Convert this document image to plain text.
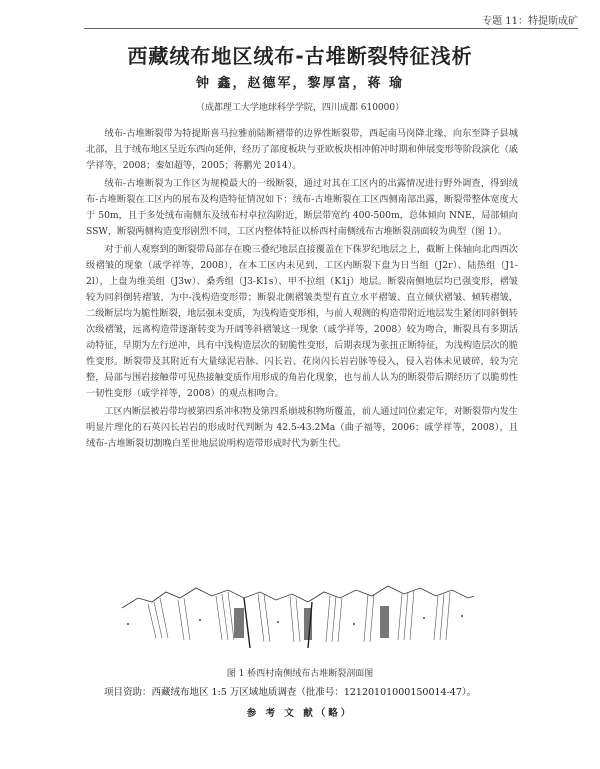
专题 11：特提斯成矿
西藏绒布地区绒布-古堆断裂特征浅析
钟 鑫，赵德军，黎厚富，蒋 瑜
（成都理工大学地球科学学院，四川成都 610000）

绒布-古堆断裂带为特提斯喜马拉雅前陆断褶带的边界性断裂带，西起南马岗降北缘，向东至降子县城北部，且于绒布地区呈近东西向延伸，经历了部度板块与亚欧板块相冲俯冲时期和伸展变形等阶段演化（戚学祥等，2008；秦如超等，2005；蒋鹏光 2014）。

绒布-古堆断裂为工作区为规模最大的一级断裂，通过对其在工区内的出露情况进行野外调查，得到绒布-古堆断裂在工区内的展布及构造特征情况如下：绒布-古堆断裂在工区西侧南部出露，断裂带整体宽度大于 50m，且于多处绒布南侧东及绒布村卓拉沟附近，断层带宽约 400-500m，总体倾向 NNE，局部倾向 SSW，断裂两侧构造变形剧烈不同，工区内整体特征以桥西村南侧绒布古堆断裂剖面较为典型（图 1）。

对于前人观察到的断裂带局部存在晚三叠纪地层直接覆盖在下侏罗纪地层之上，截断上侏轴向北西西次级褶皱的现象（戚学祥等，2008），在本工区内未见到，工区内断裂下盘为日当组（J2r）、陆热组（J1-2l），上盘为维美组（J3w）、桑秀组（J3-K1s）、甲不拉组（K1j）地层。断裂南侧地层均已强变形，褶皱较为同斜倒转褶皱，为中-浅构造变形带；断裂北侧褶皱类型有直立水平褶皱、直立倾伏褶皱、倾转褶皱，二级断层均为脆性断裂，地层强未变质，为浅构造变形相，与前人观测的构造带附近地层发生紧闭同斜倒转次级褶皱，远离构造带逐渐转变为开阔等斜褶皱这一现象（戚学祥等，2008）较为吻合，断裂具有多期活动特征，早期为左行逆冲，具有中浅构造层次的韧脆性变形，后期表现为张扭正断特征，为浅构造层次的脆性变形。断裂带及其附近有大量绿泥岩脉、闪长岩、花岗闪长岩岩脉等侵入，侵入岩体未见破碎，较为完整，局部与围岩接触带可见热接触变质作用形成的角岩化现象，也与前人认为的断裂带后期经历了以脆剪性一韧性变形（戚学祥等，2008）的观点相吻合。

工区内断层被岩带均被第四系冲积物及第四系崩坡积物所覆盖，前人通过同位素定年，对断裂带内发生明显片理化的石英闪长岩岩的形成时代判断为 42.5-43.2Ma（曲子福等，2006；戚学祥等，2008），且绒布-古堆断裂切割晚白垩世地层说明构造带形成时代为新生代。

图 1 桥西村南侧绒布古堆断裂剖面图
项目资助：西藏绒布地区 1:5 万区域地质调查（批准号：12120101000150014-47）。
参 考 文 献（略）
